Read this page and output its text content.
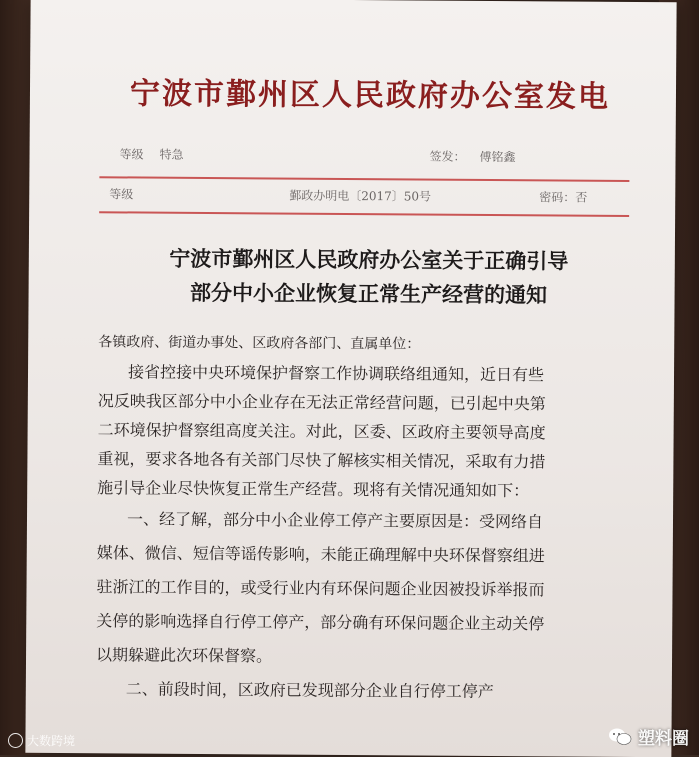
宁波市鄞州区人民政府办公室发电
等级 特急	签发： 傅铭鑫
等级	鄞政办明电〔2017〕50号	密码：否
宁波市鄞州区人民政府办公室关于正确引导
部分中小企业恢复正常生产经营的通知

各镇政府、街道办事处、区政府各部门、直属单位：

接省控接中央环境保护督察工作协调联络组通知，近日有些

况反映我区部分中小企业存在无法正常经营问题，已引起中央第

二环境保护督察组高度关注。对此，区委、区政府主要领导高度

重视，要求各地各有关部门尽快了解核实相关情况，采取有力措

施引导企业尽快恢复正常生产经营。现将有关情况通知如下：

一、经了解，部分中小企业停工停产主要原因是：受网络自

媒体、微信、短信等谣传影响，未能正确理解中央环保督察组进

驻浙江的工作目的，或受行业内有环保问题企业因被投诉举报而

关停的影响选择自行停工停产，部分确有环保问题企业主动关停

以期躲避此次环保督察。

二、前段时间，区政府已发现部分企业自行停工停产

大数跨境	塑料圈
